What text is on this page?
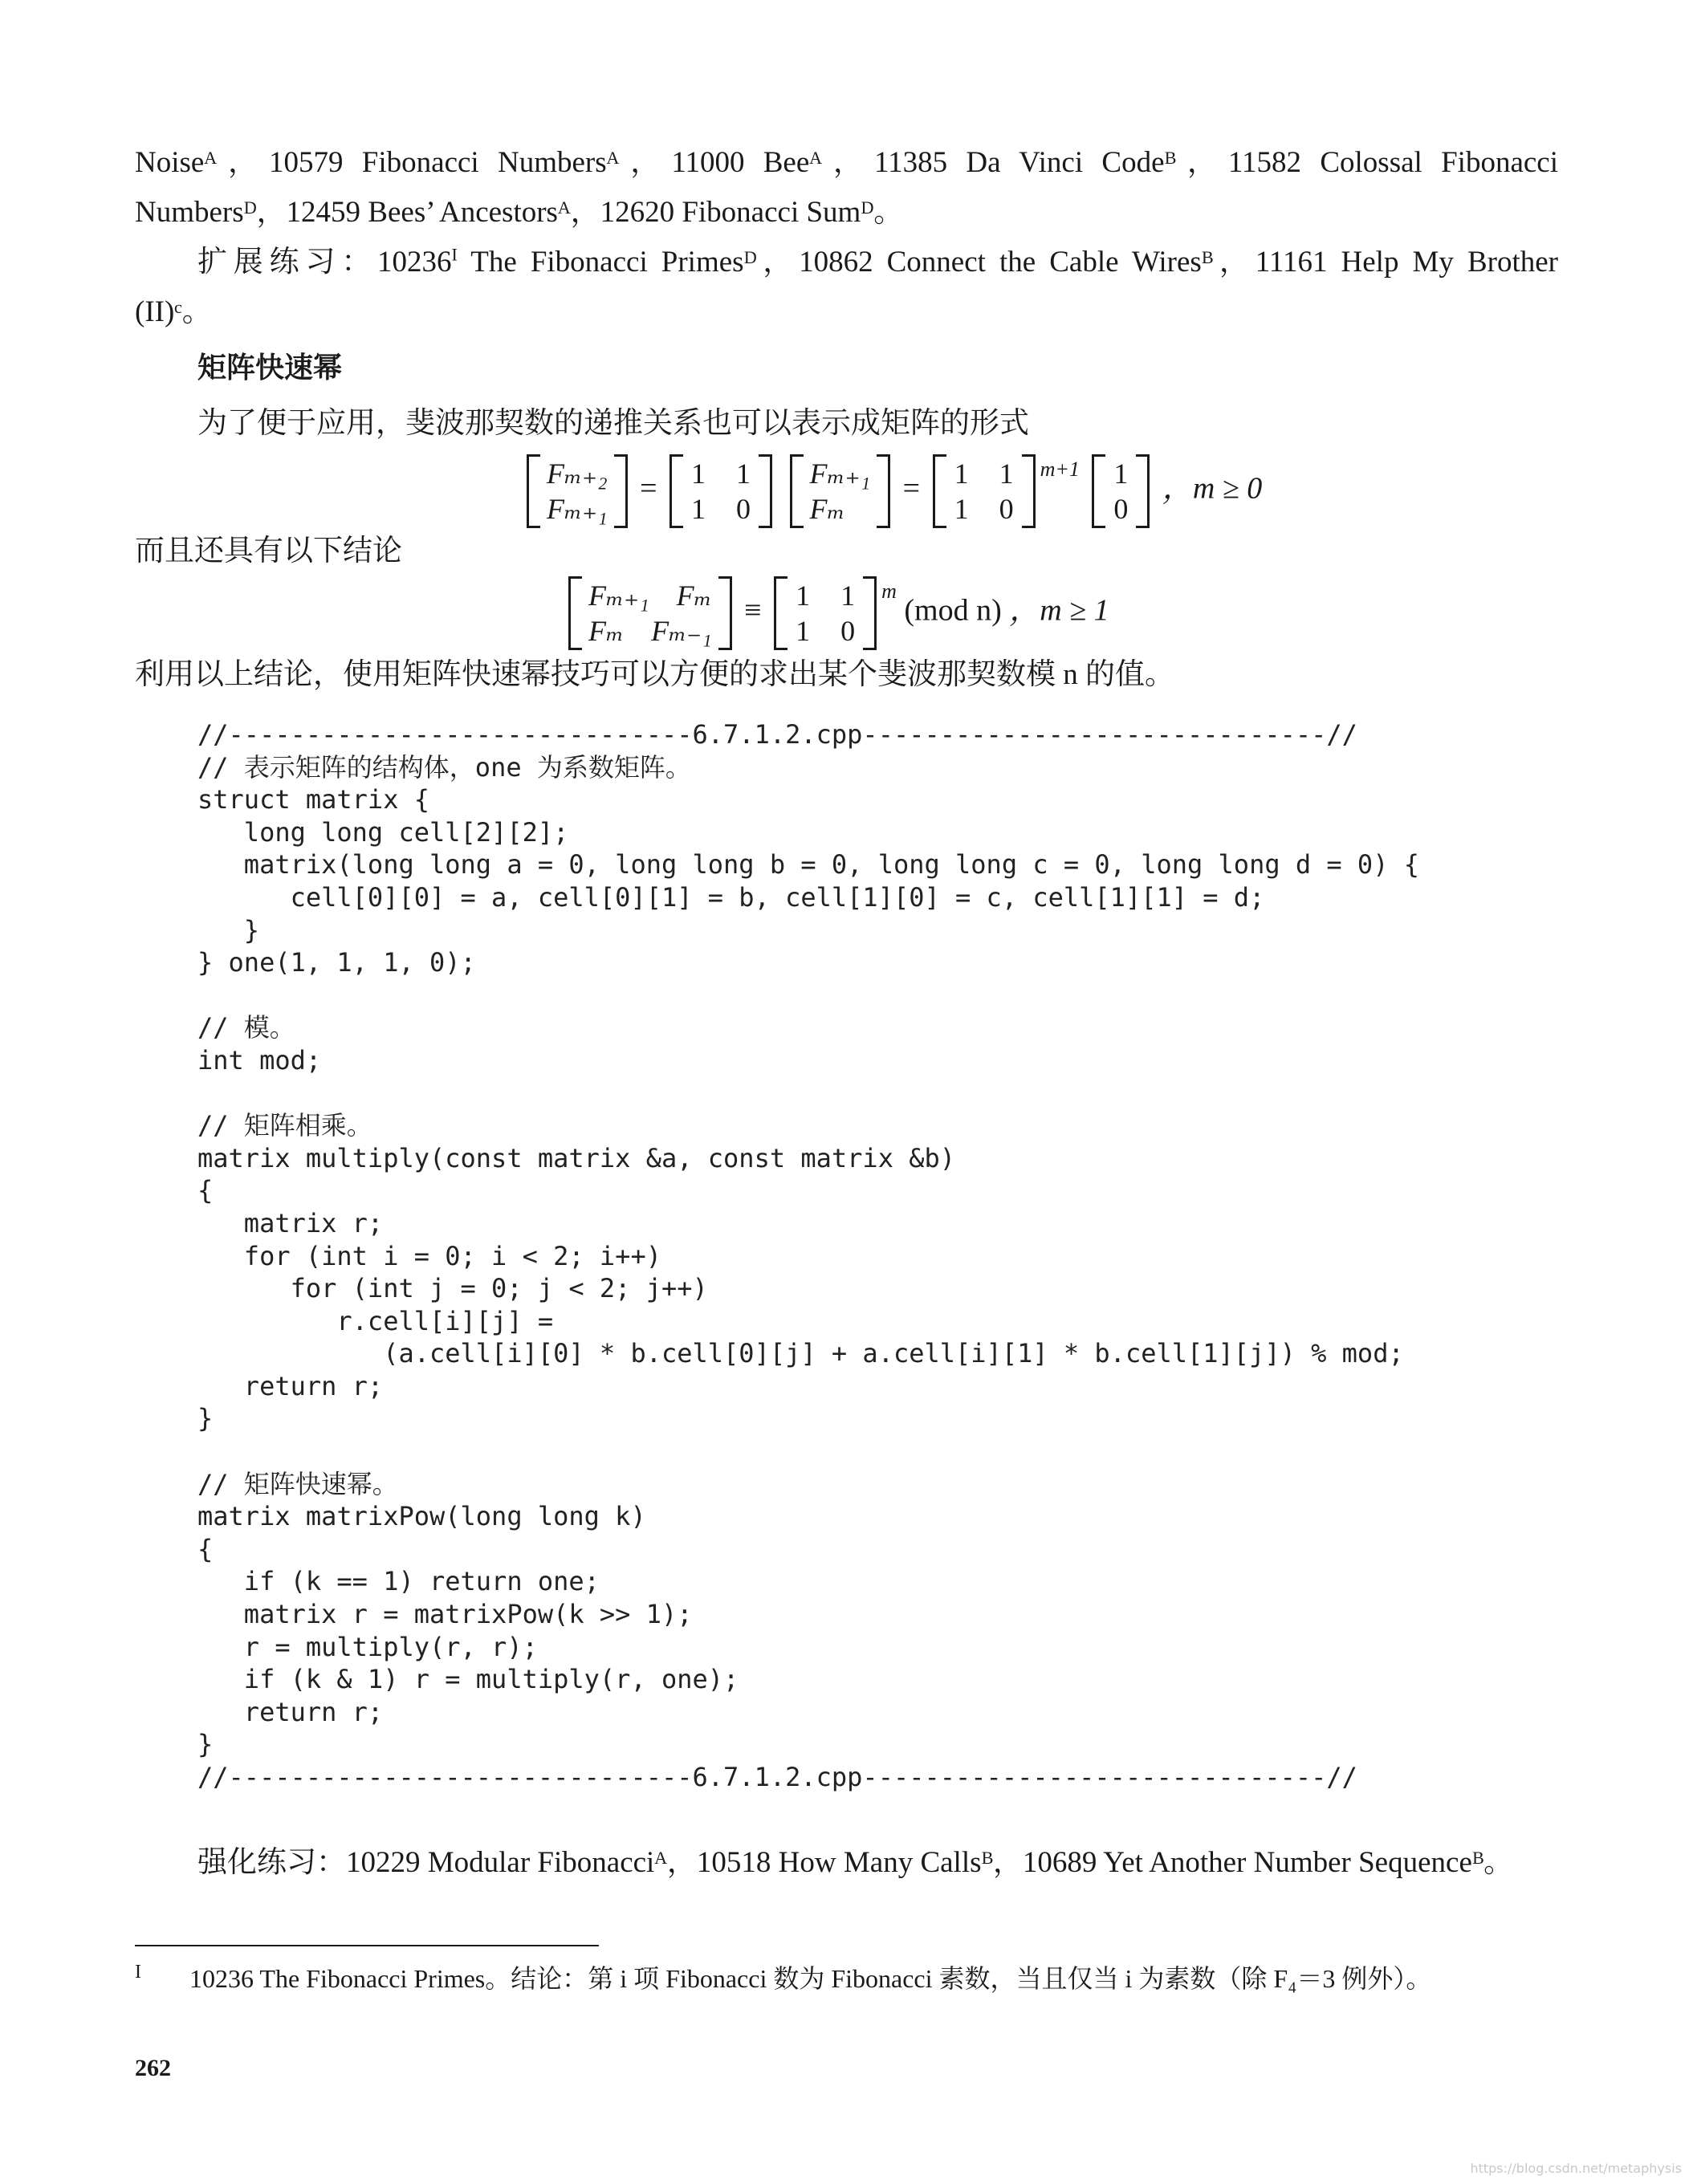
Noiseᴬ，10579 Fibonacci Numbersᴬ，11000 Beeᴬ，11385 Da Vinci Codeᴮ，11582 Colossal Fibonacci

Numbersᴰ，12459 Bees’ Ancestorsᴬ，12620 Fibonacci Sumᴰ。

扩展练习：$10236^I$ The Fibonacci Primesᴰ，10862 Connect the Cable Wiresᴮ，11161 Help My Brother

(II)ᶜ。

矩阵快速幂

为了便于应用，斐波那契数的递推关系也可以表示成矩阵的形式

Fₘ₊₂
Fₘ₊₁
= 1 1
1 0

Fₘ₊₁
Fₘ
= 1 1
1 0
$^{m+1}$ 1
0
，m ≥ 0

而且还具有以下结论

Fₘ₊₁ Fₘ
Fₘ Fₘ₋₁
≡ 1 1
1 0
$^m$ (mod n) ，m ≥ 1

利用以上结论，使用矩阵快速幂技巧可以方便的求出某个斐波那契数模 n 的值。

//------------------------------6.7.1.2.cpp------------------------------//
// 表示矩阵的结构体，one 为系数矩阵。
struct matrix {
long long cell[2][2];
matrix(long long a = 0, long long b = 0, long long c = 0, long long d = 0) {
cell[0][0] = a, cell[0][1] = b, cell[1][0] = c, cell[1][1] = d;
}
} one(1, 1, 1, 0);

// 模。
int mod;

// 矩阵相乘。
matrix multiply(const matrix &a, const matrix &b)
{
matrix r;
for (int i = 0; i < 2; i++)
for (int j = 0; j < 2; j++)
r.cell[i][j] =
(a.cell[i][0] * b.cell[0][j] + a.cell[i][1] * b.cell[1][j]) % mod;
return r;
}

// 矩阵快速幂。
matrix matrixPow(long long k)
{
if (k == 1) return one;
matrix r = matrixPow(k >> 1);
r = multiply(r, r);
if (k & 1) r = multiply(r, one);
return r;
}
//------------------------------6.7.1.2.cpp------------------------------//

强化练习：10229 Modular Fibonacciᴬ，10518 How Many Callsᴮ，10689 Yet Another Number Sequenceᴮ。

I 10236 The Fibonacci Primes。结论：第 i 项 Fibonacci 数为 Fibonacci 素数，当且仅当 i 为素数（除 F₄＝3 例外）。
262
https://blog.csdn.net/metaphysis
